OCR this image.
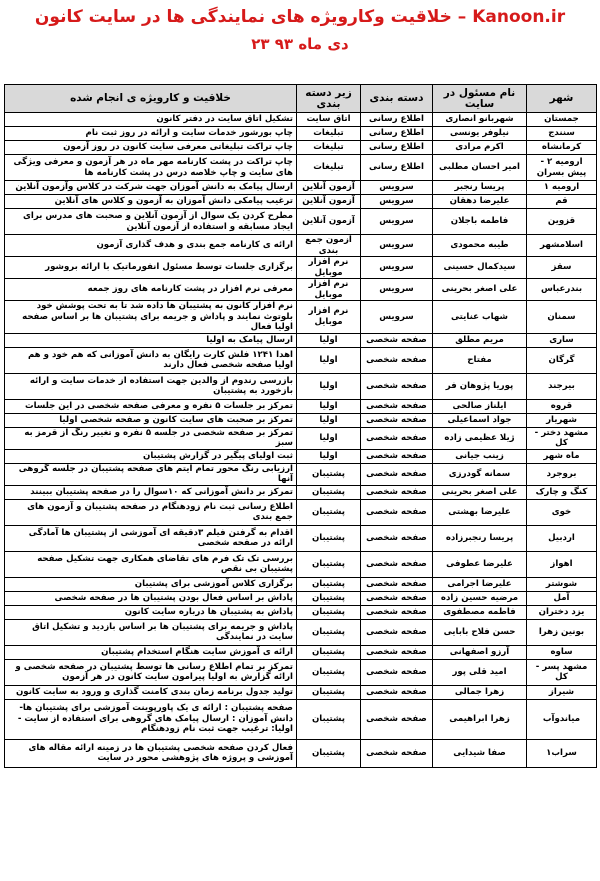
خلاقیت وکارویژه های نمایندگی ها در سایت کانون – Kanoon.ir
۲۳ دی ماه ۹۳
شهر	نام مسئول در سایت	دسته بندی	زیر دسته بندی	خلاقیت و کارویژه ی انجام شده
جمستان	شهربانو انصاری	اطلاع رسانی	اتاق سایت	تشکیل اتاق سایت در دفتر کانون
سنندج	نیلوفر یونسی	اطلاع رسانی	تبلیغات	چاپ بورشور خدمات سایت و ارائه در روز ثبت نام
کرمانشاه	اکرم مرادی	اطلاع رسانی	تبلیغات	چاپ تراکت تبلیغاتی معرفی سایت کانون در روز آزمون
ارومیه ۲ - پیش بسران	امیر احسان مطلبی	اطلاع رسانی	تبلیغات	چاپ تراکت در پشت کارنامه مهر ماه در هر آزمون و معرفی ویژگی های سایت و چاپ خلاصه درس در پشت کارنامه ها
ارومیه ۱	پریسا رنجبر	سرویس	آزمون آنلاین	ارسال پیامک به دانش آموزان جهت شرکت در کلاس وآزمون آنلاین
قم	علیرضا دهقان	سرویس	آزمون آنلاین	ترغیب پیامکی دانش آموزان به آزمون و کلاس های آنلاین
قزوین	فاطمه باجلان	سرویس	آزمون آنلاین	مطرح کردن یک سوال از آزمون آنلاین و صحبت های مدرس برای ایجاد مسابقه و استفاده از آزمون آنلاین
اسلامشهر	طیبه محمودی	سرویس	آزمون جمع بندی	ارائه ی کارنامه جمع بندی و هدف گذاری آزمون
سقز	سیدکمال حسینی	سرویس	نرم افزار موبایل	برگزاری جلسات توسط مسئول انفورماتیک با ارائه بروشور
بندرعباس	علی اصغر بحرینی	سرویس	نرم افزار موبایل	معرفی نرم افزار در پشت کارنامه های روز جمعه
سمنان	شهاب عنایتی	سرویس	نرم افزار موبایل	نرم افزار کانون به پشتیبان ها داده شد تا به تحت پوشش خود بلوتوث نمایند و پاداش و جریمه برای پشتیبان ها بر اساس صفحه اولیا فعال
ساری	مریم مطلق	صفحه شخصی	اولیا	ارسال پیامک به اولیا
گرگان	مفتاح	صفحه شخصی	اولیا	اهدا ۱۲۴۱ فلش کارت رایگان به دانش آموزانی که هم خود و هم اولیا صفحه شخصی فعال دارند
بیرجند	پوریا پژوهان فر	صفحه شخصی	اولیا	بازرسی رندوم از والدین جهت استفاده از خدمات سایت و ارائه بازخورد به پشتیبان
قروه	ایلناز صالحی	صفحه شخصی	اولیا	تمرکز بر جلسات ۵ نفره و معرفی صفحه شخصی در این جلسات
شهریار	جواد اسماعیلی	صفحه شخصی	اولیا	تمرکز بر صحبت های سایت کانون و صفحه شخصی اولیا
مشهد دختر - کل	ژیلا عظیمی زاده	صفحه شخصی	اولیا	تمرکز بر صفحه شخصی در جلسه ۵ نفره و تغییر رنگ از قرمز به سبز
ماه شهر	زینب جیانی	صفحه شخصی	اولیا	ثبت اولیای پیگیر در گزارش پشتیبان
بروجرد	سمانه گودرزی	صفحه شخصی	پشتیبان	ارزیابی رنگ محور تمام ایتم های صفحه پشتیبان در جلسه گروهی آنها
کنگ و چارک	علی اصغر بحرینی	صفحه شخصی	پشتیبان	تمرکز بر دانش آموزانی که ۱۰سوال را در صفحه پشتیبان ببینند
خوی	علیرضا بهشتی	صفحه شخصی	پشتیبان	اطلاع رسانی ثبت نام زودهنگام در صفحه پشتیبان و آزمون های جمع بندی
اردبیل	پریسا رنجبرزاده	صفحه شخصی	پشتیبان	اقدام به گرفتن فیلم ۳دقیقه ای آموزشی از پشتیبان ها آمادگی ارائه در صفحه شخصی
اهواز	علیرضا عطوفی	صفحه شخصی	پشتیبان	بررسی تک تک فرم های تقاضای همکاری جهت تشکیل صفحه پشتیبان بی نقص
شوشتر	علیرضا اجرامی	صفحه شخصی	پشتیبان	برگزاری کلاس آموزشی برای پشتیبان
آمل	مرضیه حسین زاده	صفحه شخصی	پشتیبان	پاداش بر اساس فعال بودن پشتیبان ها در صفحه شخصی
یزد دختران	فاطمه مصطفوی	صفحه شخصی	پشتیبان	پاداش به پشتیبان ها درباره سایت کانون
بونین زهرا	حسن فلاح بابایی	صفحه شخصی	پشتیبان	پاداش و جریمه برای پشتیبان ها بر اساس بازدید و تشکیل اتاق سایت در نمایندگی
ساوه	آرزو اصفهانی	صفحه شخصی	پشتیبان	ارائه ی آموزش سایت هنگام استخدام پشتیبان
مشهد پسر - کل	امید قلی پور	صفحه شخصی	پشتیبان	تمرکز بر تمام اطلاع رسانی ها توسط پشتیبان در صفحه شخصی و ارائه گزارش به اولیا پیرامون سایت کانون در هر آزمون
شیراز	زهرا جمالی	صفحه شخصی	پشتیبان	تولید جدول برنامه زمان بندی کامنت گذاری و ورود به سایت کانون
میاندوآب	زهرا ابراهیمی	صفحه شخصی	پشتیبان	صفحه پشتیبان : ارائه ی یک پاورپوینت آموزشی برای پشتیبان ها- دانش آموزان : ارسال پیامک های گروهی برای استفاده از سایت - اولیا: ترغیب جهت ثبت نام زودهنگام
سراب۱	صفا شیدایی	صفحه شخصی	پشتیبان	فعال کردن صفحه شخصی پشتیبان ها در زمینه ارائه مقاله های آموزشی و پروژه های پژوهشی محور در سایت
